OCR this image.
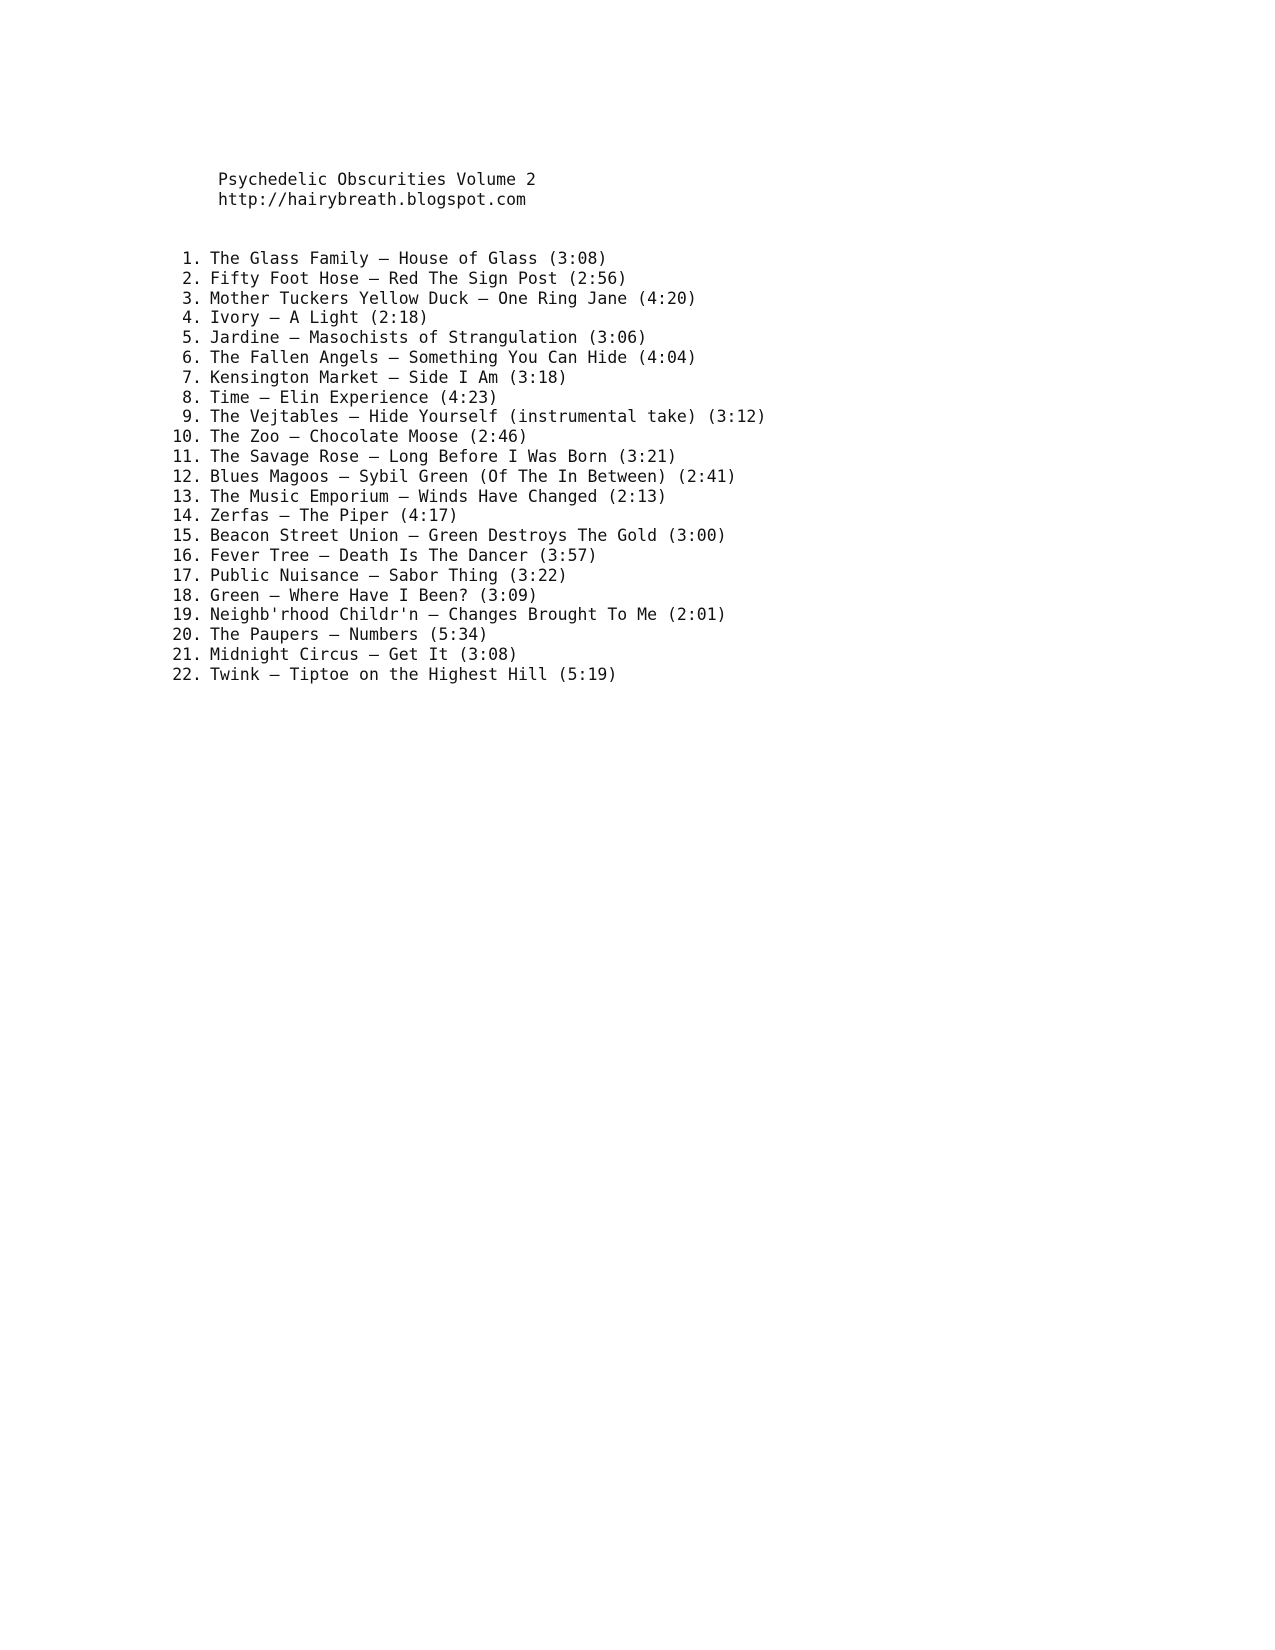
Psychedelic Obscurities Volume 2
http://hairybreath.blogspot.com
1. The Glass Family – House of Glass (3:08)
2. Fifty Foot Hose – Red The Sign Post (2:56)
3. Mother Tuckers Yellow Duck – One Ring Jane (4:20)
4. Ivory – A Light (2:18)
5. Jardine – Masochists of Strangulation (3:06)
6. The Fallen Angels – Something You Can Hide (4:04)
7. Kensington Market – Side I Am (3:18)
8. Time – Elin Experience (4:23)
9. The Vejtables – Hide Yourself (instrumental take) (3:12)
10. The Zoo – Chocolate Moose (2:46)
11. The Savage Rose – Long Before I Was Born (3:21)
12. Blues Magoos – Sybil Green (Of The In Between) (2:41)
13. The Music Emporium – Winds Have Changed (2:13)
14. Zerfas – The Piper (4:17)
15. Beacon Street Union – Green Destroys The Gold (3:00)
16. Fever Tree – Death Is The Dancer (3:57)
17. Public Nuisance – Sabor Thing (3:22)
18. Green – Where Have I Been? (3:09)
19. Neighb'rhood Childr'n – Changes Brought To Me (2:01)
20. The Paupers – Numbers (5:34)
21. Midnight Circus – Get It (3:08)
22. Twink – Tiptoe on the Highest Hill (5:19)
